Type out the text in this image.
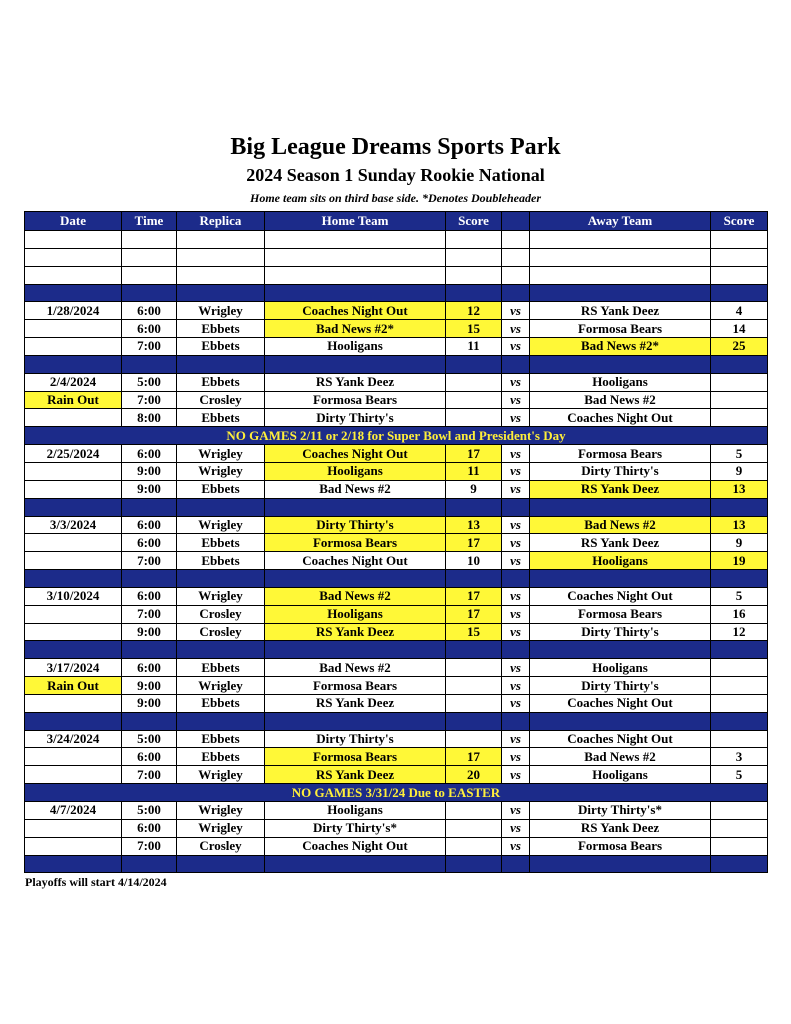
Big League Dreams Sports Park
2024 Season 1 Sunday Rookie National

Home team sits on third base side. *Denotes Doubleheader

Date	Time	Replica	Home Team	Score		Away Team	Score

1/28/2024	6:00	Wrigley	Coaches Night Out	12	vs	RS Yank Deez	4
	6:00	Ebbets	Bad News #2*	15	vs	Formosa Bears	14
	7:00	Ebbets	Hooligans	11	vs	Bad News #2*	25

2/4/2024	5:00	Ebbets	RS Yank Deez		vs	Hooligans	
Rain Out	7:00	Crosley	Formosa Bears		vs	Bad News #2	
	8:00	Ebbets	Dirty Thirty's		vs	Coaches Night Out	
NO GAMES 2/11 or 2/18 for Super Bowl and President's Day							
2/25/2024	6:00	Wrigley	Coaches Night Out	17	vs	Formosa Bears	5
	9:00	Wrigley	Hooligans	11	vs	Dirty Thirty's	9
	9:00	Ebbets	Bad News #2	9	vs	RS Yank Deez	13

3/3/2024	6:00	Wrigley	Dirty Thirty's	13	vs	Bad News #2	13
	6:00	Ebbets	Formosa Bears	17	vs	RS Yank Deez	9
	7:00	Ebbets	Coaches Night Out	10	vs	Hooligans	19

3/10/2024	6:00	Wrigley	Bad News #2	17	vs	Coaches Night Out	5
	7:00	Crosley	Hooligans	17	vs	Formosa Bears	16
	9:00	Crosley	RS Yank Deez	15	vs	Dirty Thirty's	12

3/17/2024	6:00	Ebbets	Bad News #2		vs	Hooligans	
Rain Out	9:00	Wrigley	Formosa Bears		vs	Dirty Thirty's	
	9:00	Ebbets	RS Yank Deez		vs	Coaches Night Out	

3/24/2024	5:00	Ebbets	Dirty Thirty's		vs	Coaches Night Out	
	6:00	Ebbets	Formosa Bears	17	vs	Bad News #2	3
	7:00	Wrigley	RS Yank Deez	20	vs	Hooligans	5
NO GAMES 3/31/24 Due to EASTER							
4/7/2024	5:00	Wrigley	Hooligans		vs	Dirty Thirty's*	
	6:00	Wrigley	Dirty Thirty's*		vs	RS Yank Deez	
	7:00	Crosley	Coaches Night Out		vs	Formosa Bears	

Playoffs will start 4/14/2024
